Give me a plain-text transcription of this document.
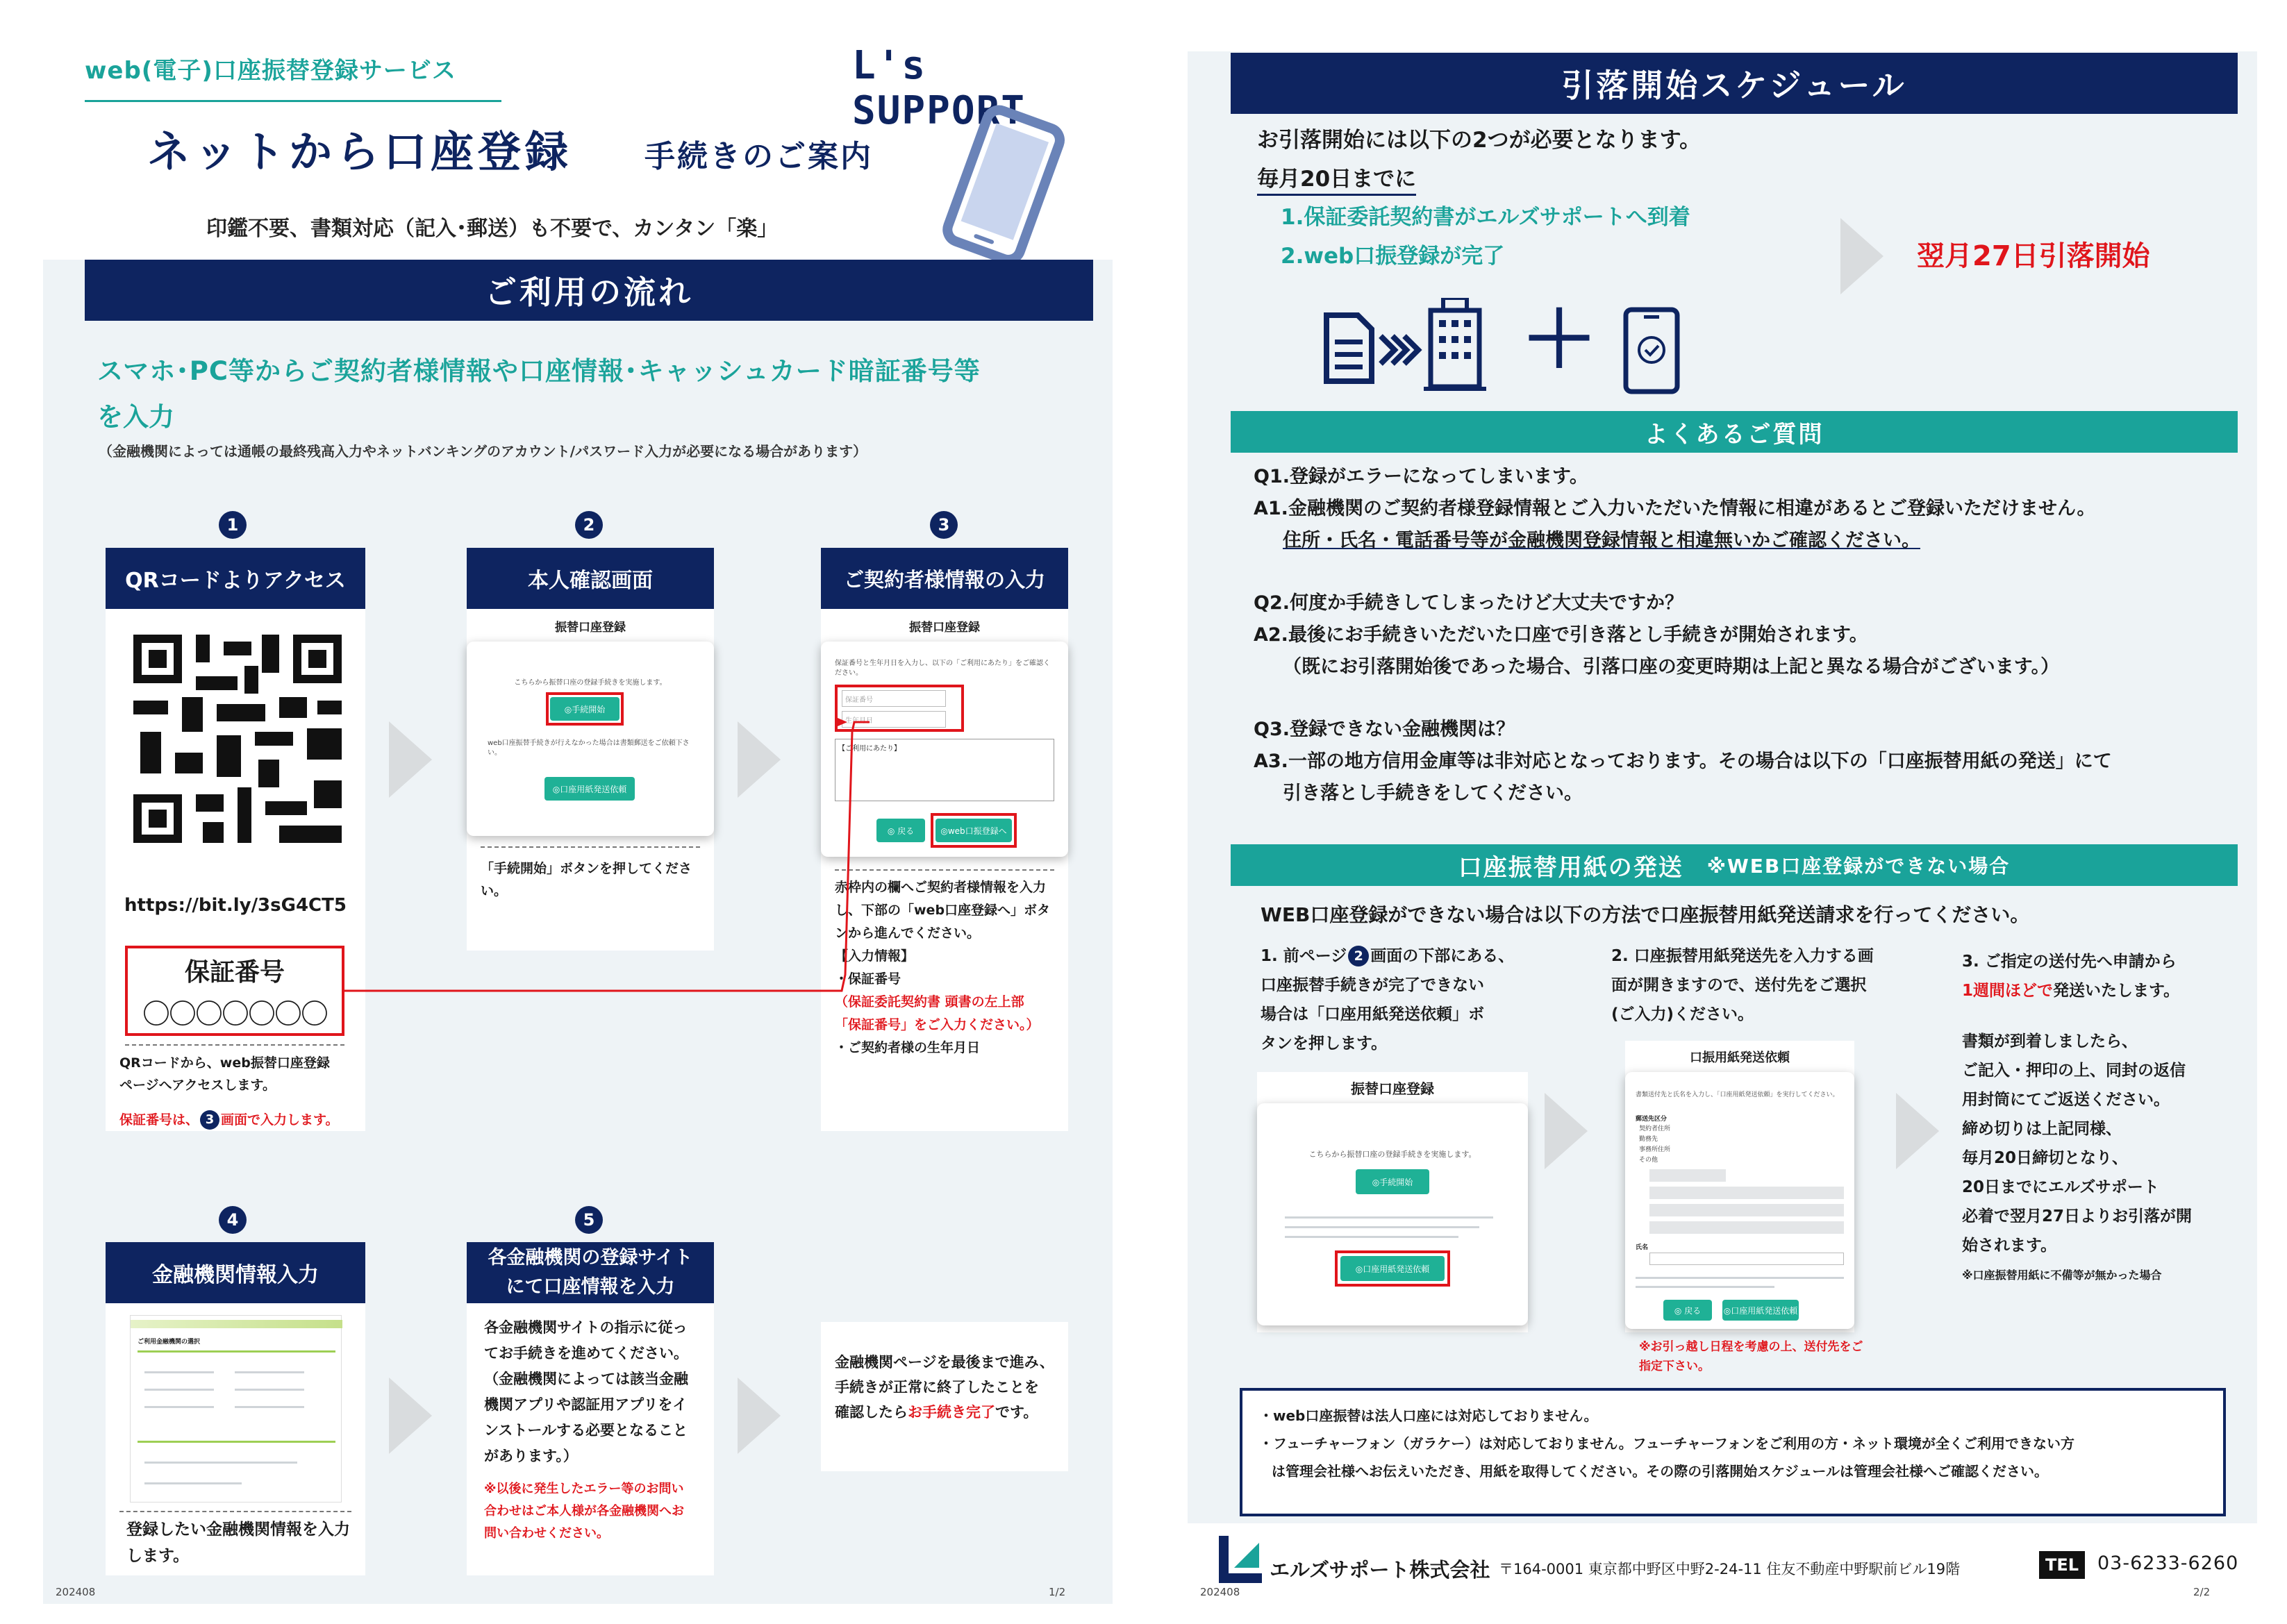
web(電子)口座振替登録サービス	L's SUPPORT
ネットから口座登録 手続きのご案内
印鑑不要、書類対応（記入･郵送）も不要で、カンタン「楽」
ご利用の流れ
スマホ･PC等からご契約者様情報や口座情報･キャッシュカード暗証番号等
を入力
（金融機関によっては通帳の最終残高入力やネットバンキングのアカウント/パスワード入力が必要になる場合があります）
1	2	3
QRコードよりアクセス
https://bit.ly/3sG4CT5
保証番号
〇〇〇〇〇〇〇
QRコードから、web振替口座登録
ページへアクセスします。
保証番号は、 3 画面で入力します。
本人確認画面
振替口座登録
こちらから振替口座の登録手続きを実施します。
◎手続開始
web口座振替手続きが行えなかった場合は書類郵送をご依頼下さい。
◎口座用紙発送依頼
「手続開始」ボタンを押してくださ
い。
ご契約者様情報の入力
振替口座登録
保証番号と生年月日を入力し、以下の「ご利用にあたり」をご確認ください。
保証番号
生年月日
【ご利用にあたり】
◎ 戻る	◎web口振登録へ
赤枠内の欄へご契約者様情報を入力
し、下部の「web口座登録へ」ボタ
ンから進んでください。
【入力情報】
・保証番号
（保証委託契約書 頭書の左上部
「保証番号」をご入力ください。）
・ご契約者様の生年月日
4	5
金融機関情報入力
ご利用金融機関の選択
登録したい金融機関情報を入力
します。
各金融機関の登録サイト
にて口座情報を入力
各金融機関サイトの指示に従っ
てお手続きを進めてください。
（金融機関によっては該当金融
機関アプリや認証用アプリをイ
ンストールする必要となること
があります。）
※以後に発生したエラー等のお問い
合わせはご本人様が各金融機関へお
問い合わせください。
金融機関ページを最後まで進み、
手続きが正常に終了したことを
確認したらお手続き完了です。
202408	1/2
引落開始スケジュール
お引落開始には以下の2つが必要となります。
毎月20日までに
1.保証委託契約書がエルズサポートへ到着
2.web口振登録が完了	翌月27日引落開始
＋
よくあるご質問
Q1.登録がエラーになってしまいます。
A1.金融機関のご契約者様登録情報とご入力いただいた情報に相違があるとご登録いただけません。
住所・氏名・電話番号等が金融機関登録情報と相違無いかご確認ください。
Q2.何度か手続きしてしまったけど大丈夫ですか？
A2.最後にお手続きいただいた口座で引き落とし手続きが開始されます。
（既にお引落開始後であった場合、引落口座の変更時期は上記と異なる場合がございます。）
Q3.登録できない金融機関は？
A3.一部の地方信用金庫等は非対応となっております。その場合は以下の「口座振替用紙の発送」にて
引き落とし手続きをしてください。
口座振替用紙の発送 ※WEB口座登録ができない場合
WEB口座登録ができない場合は以下の方法で口座振替用紙発送請求を行ってください。
1. 前ページ 2 画面の下部にある、
口座振替手続きが完了できない
場合は「口座用紙発送依頼」ボ
タンを押します。
振替口座登録
こちらから振替口座の登録手続きを実施します。
◎手続開始
◎口座用紙発送依頼
2. 口座振替用紙発送先を入力する画
面が開きますので、送付先をご選択
(ご入力)ください。
口振用紙発送依頼
書類送付先と氏名を入力し、「口座用紙発送依頼」を実行してください。
郵送先区分
契約者住所
勤務先
事務所住所
その他
氏名
◎ 戻る	◎口座用紙発送依頼
※お引っ越し日程を考慮の上、送付先をご
指定下さい。
3. ご指定の送付先へ申請から
1週間ほどで発送いたします。
書類が到着しましたら、
ご記入・押印の上、同封の返信
用封筒にてご返送ください。
締め切りは上記同様、
毎月20日締切となり、
20日までにエルズサポート
必着で翌月27日よりお引落が開
始されます。
※口座振替用紙に不備等が無かった場合
・web口座振替は法人口座には対応しておりません。
・フューチャーフォン（ガラケー）は対応しておりません。フューチャーフォンをご利用の方・ネット環境が全くご利用できない方
は管理会社様へお伝えいただき、用紙を取得してください。その際の引落開始スケジュールは管理会社様へご確認ください。
エルズサポート株式会社 〒164-0001 東京都中野区中野2-24-11 住友不動産中野駅前ビル19階	TEL 03-6233-6260
202408	2/2
